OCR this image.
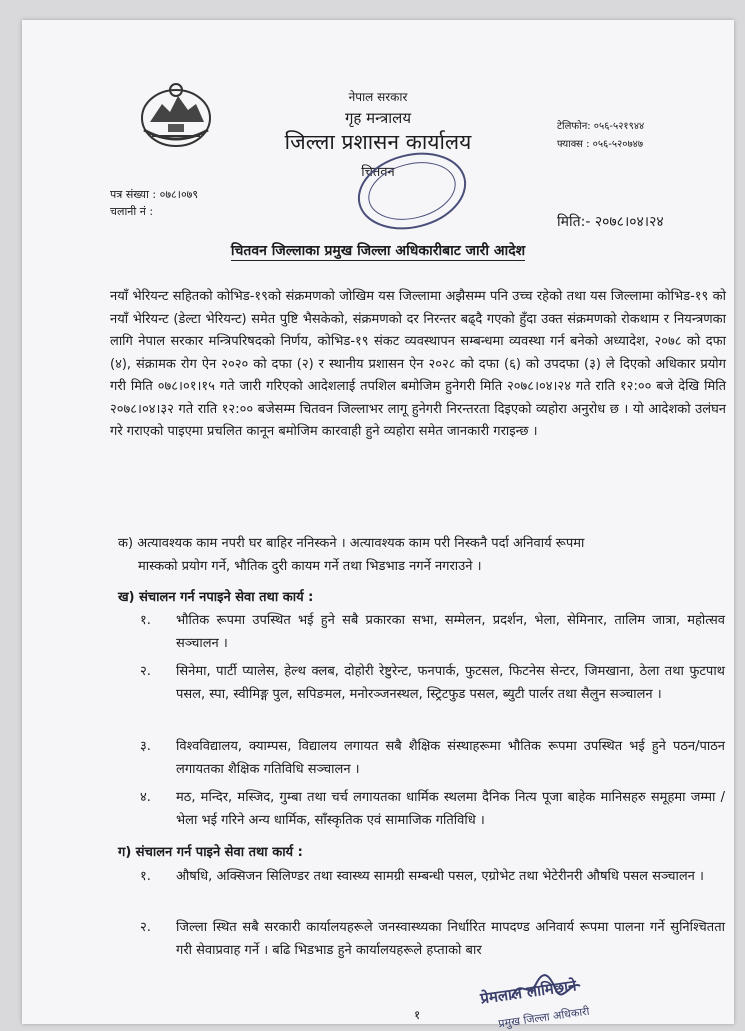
नेपाल सरकार
गृह मन्त्रालय
जिल्ला प्रशासन कार्यालय
चितवन
टेलिफोन: ०५६-५२१९४४
फ्याक्स : ०५६-५२०७४७
पत्र संख्या : ०७८।०७९
चलानी नं :
मिति:- २०७८।०४।२४
चितवन जिल्लाका प्रमुख जिल्ला अधिकारीबाट जारी आदेश
नयाँ भेरियन्ट सहितको कोभिड-१९को संक्रमणको जोखिम यस जिल्लामा अझैसम्म पनि उच्च रहेको तथा यस जिल्लामा कोभिड-१९ को नयाँ भेरियन्ट (डेल्टा भेरियन्ट) समेत पुष्टि भैसकेको, संक्रमणको दर निरन्तर बढ्दै गएको हुँदा उक्त संक्रमणको रोकथाम र नियन्त्रणका लागि नेपाल सरकार मन्त्रिपरिषदको निर्णय, कोभिड-१९ संकट व्यवस्थापन सम्बन्धमा व्यवस्था गर्न बनेको अध्यादेश, २०७८ को दफा (४), संक्रामक रोग ऐन २०२० को दफा (२) र स्थानीय प्रशासन ऐन २०२८ को दफा (६) को उपदफा (३) ले दिएको अधिकार प्रयोग गरी मिति ०७८।०१।१५ गते जारी गरिएको आदेशलाई तपशिल बमोजिम हुनेगरी मिति २०७८।०४।२४ गते राति १२:०० बजे देखि मिति २०७८।०४।३२ गते राति १२:०० बजेसम्म चितवन जिल्लाभर लागू हुनेगरी निरन्तरता दिइएको व्यहोरा अनुरोध छ । यो आदेशको उलंघन गरे गराएको पाइएमा प्रचलित कानून बमोजिम कारवाही हुने व्यहोरा समेत जानकारी गराइन्छ ।
क) अत्यावश्यक काम नपरी घर बाहिर ननिस्कने । अत्यावश्यक काम परी निस्कनै पर्दा अनिवार्य रूपमा
मास्कको प्रयोग गर्ने, भौतिक दुरी कायम गर्ने तथा भिडभाड नगर्ने नगराउने ।
ख) संचालन गर्न नपाइने सेवा तथा कार्य :
१.	भौतिक रूपमा उपस्थित भई हुने सबै प्रकारका सभा, सम्मेलन, प्रदर्शन, भेला, सेमिनार, तालिम जात्रा, महोत्सव सञ्चालन ।
२.	सिनेमा, पार्टी प्यालेस, हेल्थ क्लब, दोहोरी रेष्टुरेन्ट, फनपार्क, फुटसल, फिटनेस सेन्टर, जिमखाना, ठेला तथा फुटपाथ पसल, स्पा, स्वीमिङ्ग पुल, सपिङमल, मनोरञ्जनस्थल, स्ट्रिटफुड पसल, ब्युटी पार्लर तथा सैलुन सञ्चालन ।
३.	विश्वविद्यालय, क्याम्पस, विद्यालय लगायत सबै शैक्षिक संस्थाहरूमा भौतिक रूपमा उपस्थित भई हुने पठन/पाठन लगायतका शैक्षिक गतिविधि सञ्चालन ।
४.	मठ, मन्दिर, मस्जिद, गुम्बा तथा चर्च लगायतका धार्मिक स्थलमा दैनिक नित्य पूजा बाहेक मानिसहरु समूहमा जम्मा / भेला भई गरिने अन्य धार्मिक, साँस्कृतिक एवं सामाजिक गतिविधि ।
ग) संचालन गर्न पाइने सेवा तथा कार्य :
१.	औषधि, अक्सिजन सिलिण्डर तथा स्वास्थ्य सामग्री सम्बन्धी पसल, एग्रोभेट तथा भेटेरीनरी औषधि पसल सञ्चालन ।
२.	जिल्ला स्थित सबै सरकारी कार्यालयहरूले जनस्वास्थ्यका निर्धारित मापदण्ड अनिवार्य रूपमा पालना गर्ने सुनिश्चितता गरी सेवाप्रवाह गर्ने । बढि भिडभाड हुने कार्यालयहरूले हप्ताको बार
१
प्रेमलाल लामिछाने
प्रमुख जिल्ला अधिकारी
